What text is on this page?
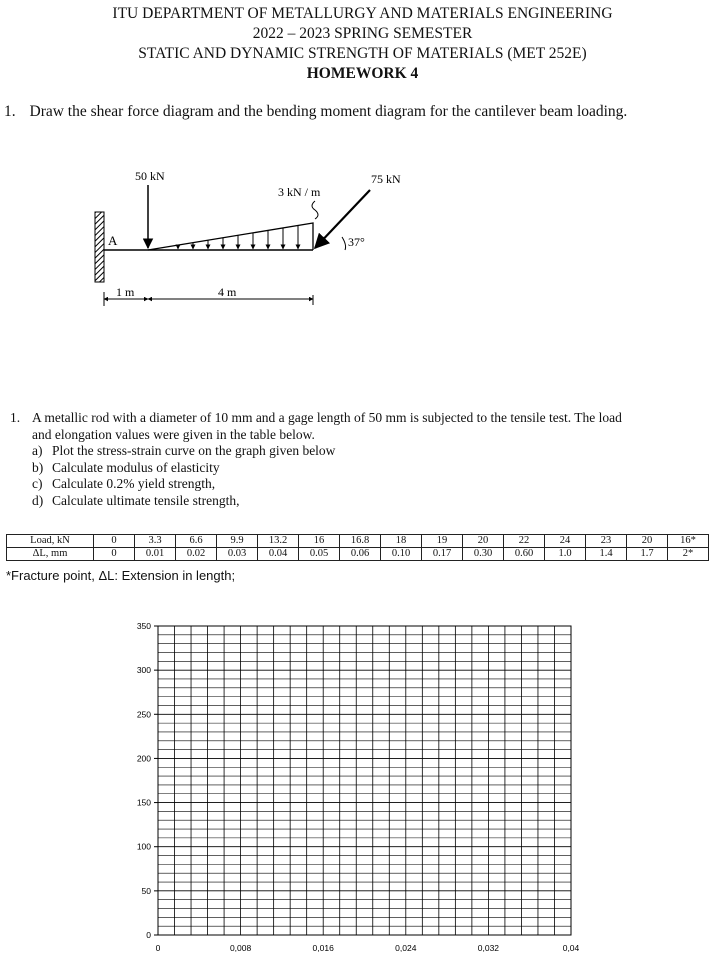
ITU DEPARTMENT OF METALLURGY AND MATERIALS ENGINEERING
2022 – 2023 SPRING SEMESTER
STATIC AND DYNAMIC STRENGTH OF MATERIALS (MET 252E)
HOMEWORK 4
1. Draw the shear force diagram and the bending moment diagram for the cantilever beam loading.
A
50 kN
3 kN / m
75 kN
37°
1 m	4 m
1. A metallic rod with a diameter of 10 mm and a gage length of 50 mm is subjected to the tensile test. The load
and elongation values were given in the table below.
a) Plot the stress-strain curve on the graph given below
b) Calculate modulus of elasticity
c) Calculate 0.2% yield strength,
d) Calculate ultimate tensile strength,
Load, kN	0	3.3	6.6	9.9	13.2	16	16.8	18	19	20	22	24	23	20	16*
ΔL, mm	0	0.01	0.02	0.03	0.04	0.05	0.06	0.10	0.17	0.30	0.60	1.0	1.4	1.7	2*
*Fracture point, ΔL: Extension in length;
350
300
250
200
150
100
50
0
0	0,008	0,016	0,024	0,032	0,04
